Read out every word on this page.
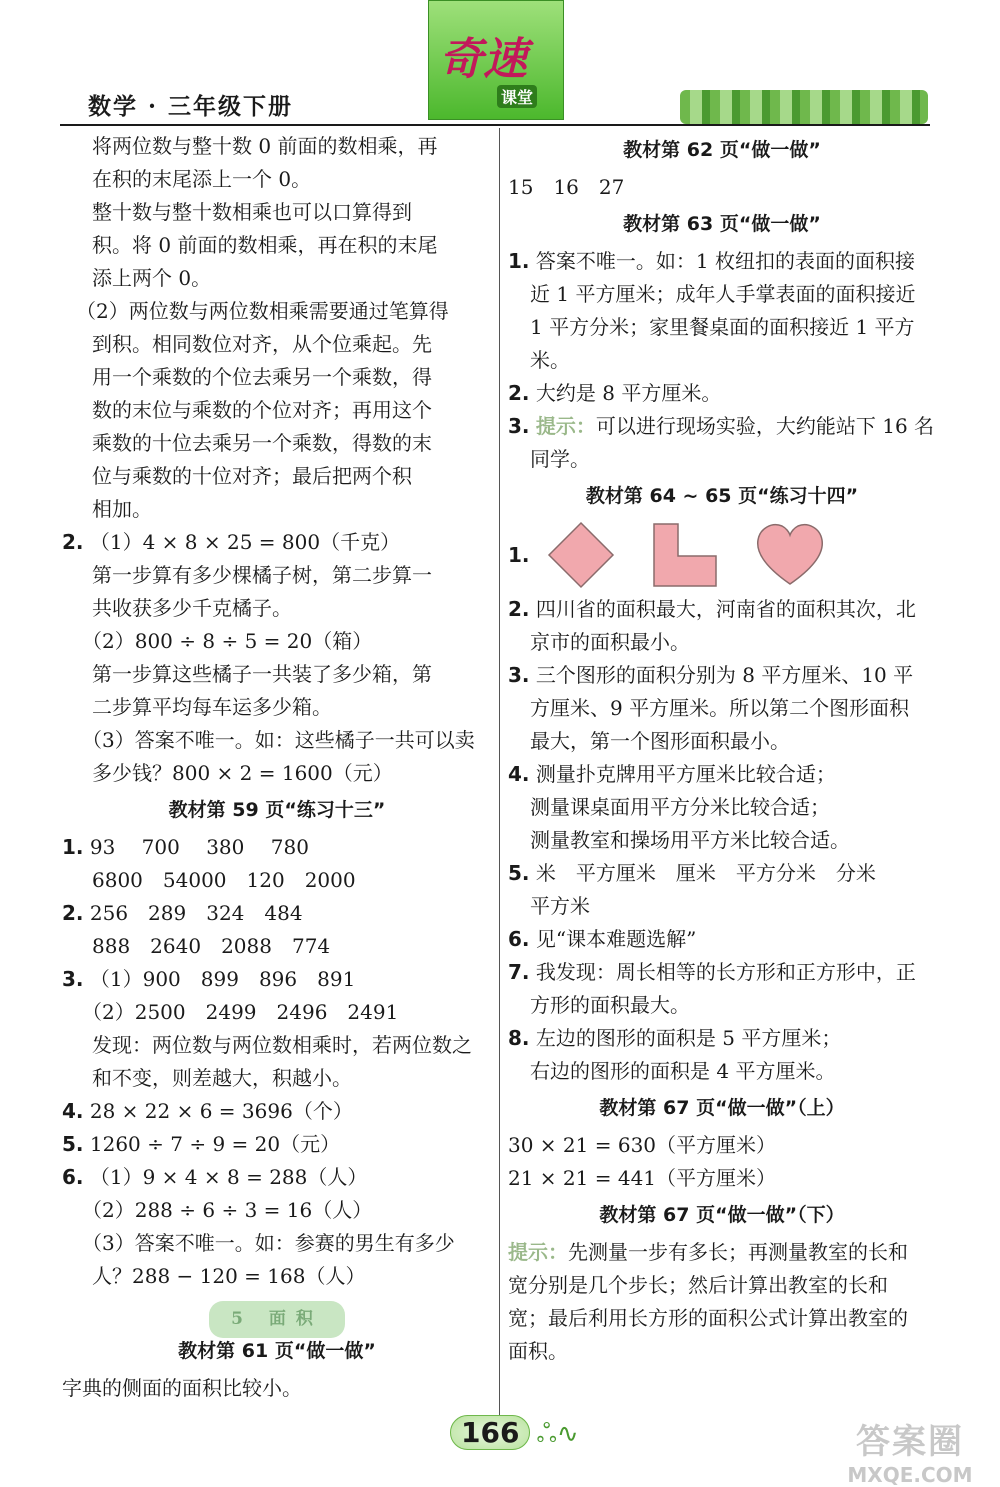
数学 · 三年级下册
奇速
课堂
将两位数与整十数 0 前面的数相乘，再
在积的末尾添上一个 0。
整十数与整十数相乘也可以口算得到
积。将 0 前面的数相乘，再在积的末尾
添上两个 0。
（2）两位数与两位数相乘需要通过笔算得
到积。相同数位对齐，从个位乘起。先
用一个乘数的个位去乘另一个乘数，得
数的末位与乘数的个位对齐；再用这个
乘数的十位去乘另一个乘数，得数的末
位与乘数的十位对齐；最后把两个积
相加。
2. （1）4 × 8 × 25 = 800（千克）
第一步算有多少棵橘子树，第二步算一
共收获多少千克橘子。
（2）800 ÷ 8 ÷ 5 = 20（箱）
第一步算这些橘子一共装了多少箱，第
二步算平均每车运多少箱。
（3）答案不唯一。如：这些橘子一共可以卖
多少钱？800 × 2 = 1600（元）
教材第 59 页“练习十三”
1. 93　 700　 380　 780
6800　54000　120　2000
2. 256　289　324　484
888　2640　2088　774
3. （1）900　899　896　891
（2）2500　2499　2496　2491
发现：两位数与两位数相乘时，若两位数之
和不变，则差越大，积越小。
4. 28 × 22 × 6 = 3696（个）
5. 1260 ÷ 7 ÷ 9 = 20（元）
6. （1）9 × 4 × 8 = 288（人）
（2）288 ÷ 6 ÷ 3 = 16（人）
（3）答案不唯一。如：参赛的男生有多少
人？288 − 120 = 168（人）
5 面积
教材第 61 页“做一做”
字典的侧面的面积比较小。
教材第 62 页“做一做”
15　16　27
教材第 63 页“做一做”
1. 答案不唯一。如：1 枚纽扣的表面的面积接
近 1 平方厘米；成年人手掌表面的面积接近
1 平方分米；家里餐桌面的面积接近 1 平方
米。
2. 大约是 8 平方厘米。
3. 提示：可以进行现场实验，大约能站下 16 名
同学。
教材第 64 ~ 65 页“练习十四”
1.
2. 四川省的面积最大，河南省的面积其次，北
京市的面积最小。
3. 三个图形的面积分别为 8 平方厘米、10 平
方厘米、9 平方厘米。所以第二个图形面积
最大，第一个图形面积最小。
4. 测量扑克牌用平方厘米比较合适；
测量课桌面用平方分米比较合适；
测量教室和操场用平方米比较合适。
5. 米　平方厘米　厘米　平方分米　分米
平方米
6. 见“课本难题选解”
7. 我发现：周长相等的长方形和正方形中，正
方形的面积最大。
8. 左边的图形的面积是 5 平方厘米；
右边的图形的面积是 4 平方厘米。
教材第 67 页“做一做”（上）
30 × 21 = 630（平方厘米）
21 × 21 = 441（平方厘米）
教材第 67 页“做一做”（下）
提示：先测量一步有多长；再测量教室的长和
宽分别是几个步长；然后计算出教室的长和
宽；最后利用长方形的面积公式计算出教室的
面积。
166 ஃ∿	答案圈
MXQE.COM
